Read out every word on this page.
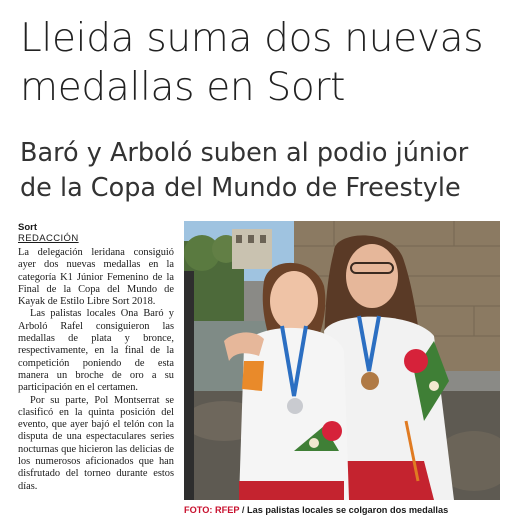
Lleida suma dos nuevas
medallas en Sort
Baró y Arboló suben al podio júnior
de la Copa del Mundo de Freestyle
Sort
REDACCIÓN

La delegación leridana consiguió ayer dos nuevas medallas en la categoría K1 Júnior Femenino de la Final de la Copa del Mundo de Kayak de Estilo Libre Sort 2018.

Las palistas locales Ona Baró y Arboló Rafel consiguieron las medallas de plata y bronce, respectivamente, en la final de la competición poniendo de esta manera un broche de oro a su participación en el certamen.

Por su parte, Pol Montserrat se clasificó en la quinta posición del evento, que ayer bajó el telón con la disputa de una espectaculares series nocturnas que hicieron las delicias de los numerosos aficionados que han disfrutado del torneo durante estos días.

FOTO: RFEP / Las palistas locales se colgaron dos medallas
